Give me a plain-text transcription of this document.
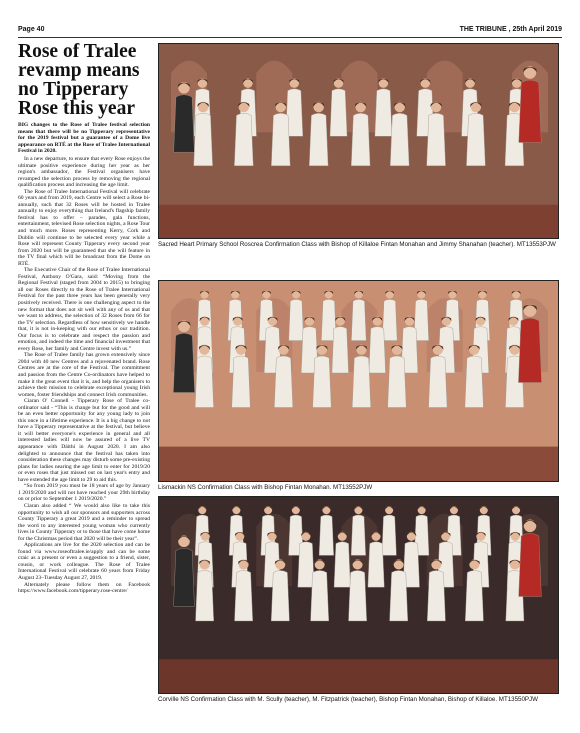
Page 40	THE TRIBUNE , 25th April 2019
Rose of Tralee revamp means no Tipperary Rose this year

BIG changes to the Rose of Tralee festival selection means that there will be no Tipperary representative for the 2019 festival but a guarantee of a Dome live appearance on RTÉ at the Rose of Tralee International Festival in 2020.

In a new departure, to ensure that every Rose enjoys the ultimate positive experience during her year as her region's ambassador, the Festival organisers have revamped the selection process by removing the regional qualification process and increasing the age limit.

The Rose of Tralee International Festival will celebrate 60 years and from 2019, each Centre will select a Rose bi-annually, such that 32 Roses will be hosted in Tralee annually to enjoy everything that Ireland's flagship family festival has to offer – parades, gala functions, entertainment, televised Rose selection nights, a Rose Tour and much more. Roses representing Kerry, Cork and Dublin will continue to be selected every year while a Rose will represent County Tipperary every second year from 2020 but will be guaranteed that she will feature in the TV final which will be broadcast from the Dome on RTÉ.

The Executive Chair of the Rose of Tralee International Festival, Anthony O'Gara, said: “Moving from the Regional Festival (staged from 2004 to 2015) to bringing all our Roses directly to the Rose of Tralee International Festival for the past three years has been generally very positively received. There is one challenging aspect to the new format that does not sit well with any of us and that we want to address, the selection of 32 Roses from 66 for the TV selection. Regardless of how sensitively we handle that, it is not in-keeping with our ethos or our tradition. Our focus is to celebrate and respect the passion and emotion, and indeed the time and financial investment that every Rose, her family and Centre invest with us.”

The Rose of Tralee family has grown extensively since 2004 with 40 new Centres and a rejuvenated brand. Rose Centres are at the core of the Festival. The commitment and passion from the Centre Co-ordinators have helped to make it the great event that it is, and help the organisers to achieve their mission to celebrate exceptional young Irish women, foster friendships and connect Irish communities.

Ciaran O' Connell - Tipperary Rose of Tralee co-ordinator said - “This is change but for the good and will be an even better opportunity for any young lady to join this once in a lifetime experience. It is a big change to not have a Tipperary representative at the festival, but believe it will better everyone's experience in general and all interested ladies will now be assured of a live TV appearance with Dáithí in August 2020. I am also delighted to announce that the festival has taken into consideration these changes may disturb some pre-existing plans for ladies nearing the age limit to enter for 2019/20 or even roses that just missed out on last year's entry and have extended the age limit to 29 to aid this.

“So from 2019 you must be 18 years of age by January 1 2019/2020 and will not have reached your 29th birthday on or prior to September 1 2019/2020.”

Ciaran also added “ We would also like to take this opportunity to wish all our sponsors and supporters across County Tipperary a great 2019 and a reminder to spread the word to any interested young woman who currently lives in County Tipperary or to those that have come home for the Christmas period that 2020 will be their year”.

Applications are live for the 2020 selection and can be found via www.roseoftralee.ie/apply and can be some craic as a present or even a suggestion to a friend, sister, cousin, or work colleague. The Rose of Tralee International Festival will celebrate 60 years from Friday August 23–Tuesday August 27, 2019.

Alternately please follow them on Facebook https://www.facebook.com/tipperary.rose-centre/

Sacred Heart Primary School Roscrea Confirmation Class with Bishop of Killaloe Fintan Monahan and Jimmy Shanahan (teacher). MT13553PJW
Lismackin NS Confirmation Class with Bishop Fintan Monahan. MT13552PJW
Corville NS Confirmation Class with M. Scully (teacher), M. Fitzpatrick (teacher), Bishop Fintan Monahan, Bishop of Killaloe. MT13550PJW
